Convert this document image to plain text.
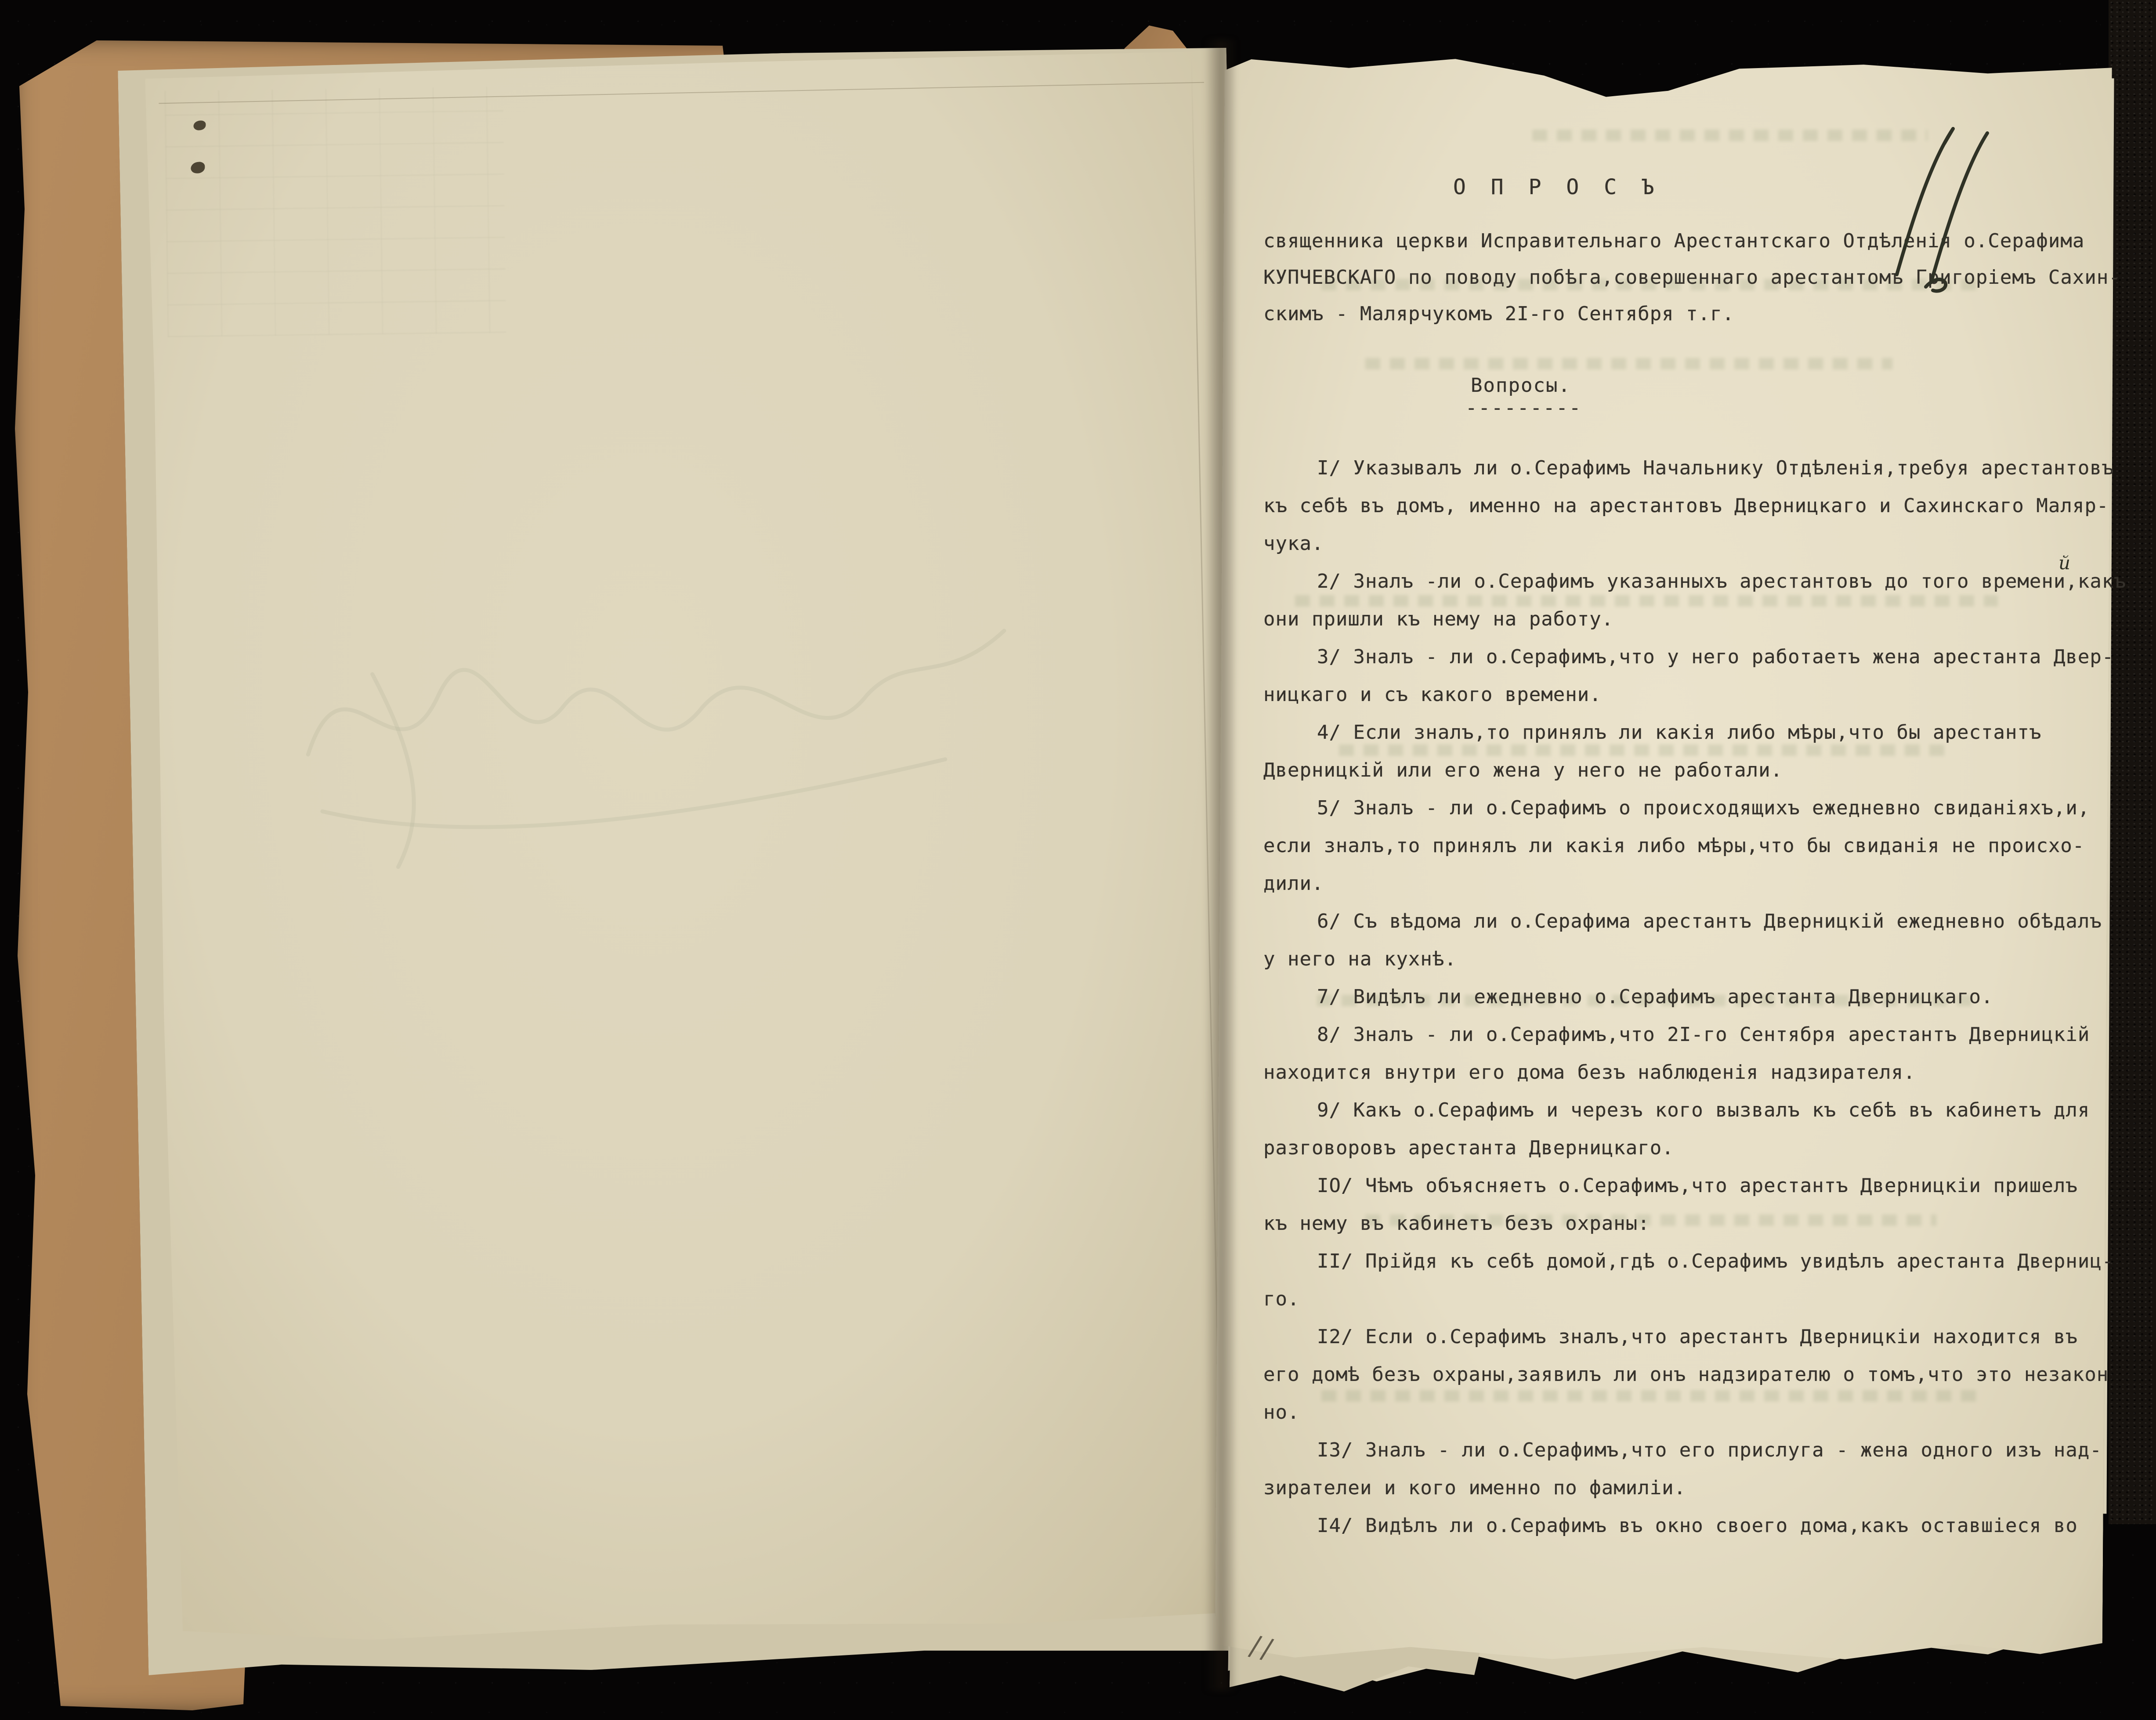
О П Р О С Ъ
священника церкви Исправительнаго Арестантскаго Отдѣленія о.Серафима
КУПЧЕВСКАГО по поводу побѣга,совершеннаго арестантомъ Григоріемъ Сахин-
скимъ - Малярчукомъ 2I-го Сентября т.г.
Вопросы.
---------
I/ Указывалъ ли о.Серафимъ Начальнику Отдѣленія,требуя арестантовъ
къ себѣ въ домъ, именно на арестантовъ Дверницкаго и Сахинскаго Маляр-
чука.
2/ Зналъ -ли о.Серафимъ указанныхъ арестантовъ до того времени,какъ
они пришли къ нему на работу.
3/ Зналъ - ли о.Серафимъ,что у него работаетъ жена арестанта Двер-
ницкаго и съ какого времени.
4/ Если зналъ,то принялъ ли какія либо мѣры,что бы арестантъ
Дверницкій или его жена у него не работали.
5/ Зналъ - ли о.Серафимъ о происходящихъ ежедневно свиданіяхъ,и,
если зналъ,то принялъ ли какія либо мѣры,что бы свиданія не происхо-
дили.
6/ Съ вѣдома ли о.Серафима арестантъ Дверницкій ежедневно обѣдалъ
у него на кухнѣ.
7/ Видѣлъ ли ежедневно о.Серафимъ арестанта Дверницкаго.
8/ Зналъ - ли о.Серафимъ,что 2I-го Сентября арестантъ Дверницкій
находится внутри его дома безъ наблюденія надзирателя.
9/ Какъ о.Серафимъ и черезъ кого вызвалъ къ себѣ въ кабинетъ для
разговоровъ арестанта Дверницкаго.
IO/ Чѣмъ объясняетъ о.Серафимъ,что арестантъ Дверницкіи пришелъ
къ нему въ кабинетъ безъ охраны:
II/ Прійдя къ себѣ домой,гдѣ о.Серафимъ увидѣлъ арестанта Дверниц-
го.
I2/ Если о.Серафимъ зналъ,что арестантъ Дверницкіи находится въ
его домѣ безъ охраны,заявилъ ли онъ надзирателю о томъ,что это незакон
но.
I3/ Зналъ - ли о.Серафимъ,что его прислуга - жена одного изъ над-
зирателеи и кого именно по фамиліи.
I4/ Видѣлъ ли о.Серафимъ въ окно своего дома,какъ оставшіеся во
й
//
